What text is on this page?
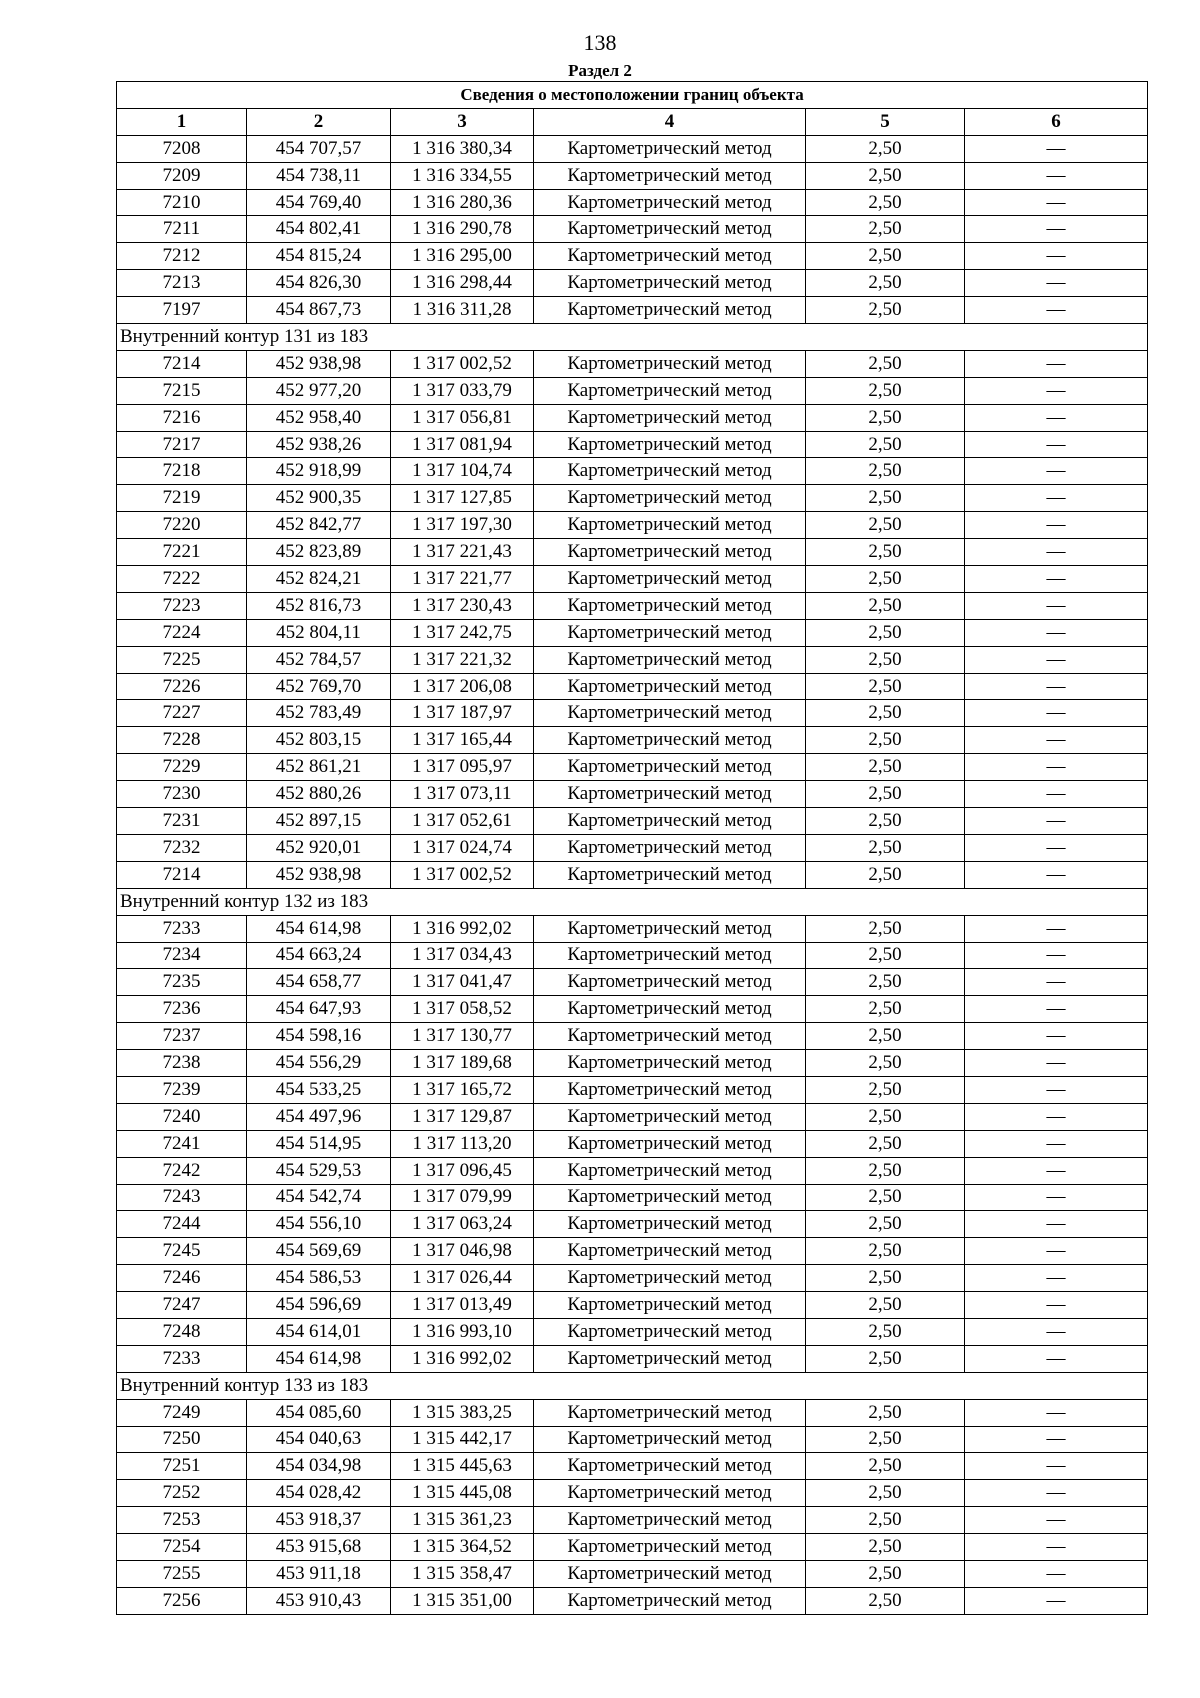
138
Раздел 2
Сведения о местоположении границ объекта					
1	2	3	4	5	6
7208	454 707,57	1 316 380,34	Картометрический метод	2,50	—
7209	454 738,11	1 316 334,55	Картометрический метод	2,50	—
7210	454 769,40	1 316 280,36	Картометрический метод	2,50	—
7211	454 802,41	1 316 290,78	Картометрический метод	2,50	—
7212	454 815,24	1 316 295,00	Картометрический метод	2,50	—
7213	454 826,30	1 316 298,44	Картометрический метод	2,50	—
7197	454 867,73	1 316 311,28	Картометрический метод	2,50	—
Внутренний контур 131 из 183					
7214	452 938,98	1 317 002,52	Картометрический метод	2,50	—
7215	452 977,20	1 317 033,79	Картометрический метод	2,50	—
7216	452 958,40	1 317 056,81	Картометрический метод	2,50	—
7217	452 938,26	1 317 081,94	Картометрический метод	2,50	—
7218	452 918,99	1 317 104,74	Картометрический метод	2,50	—
7219	452 900,35	1 317 127,85	Картометрический метод	2,50	—
7220	452 842,77	1 317 197,30	Картометрический метод	2,50	—
7221	452 823,89	1 317 221,43	Картометрический метод	2,50	—
7222	452 824,21	1 317 221,77	Картометрический метод	2,50	—
7223	452 816,73	1 317 230,43	Картометрический метод	2,50	—
7224	452 804,11	1 317 242,75	Картометрический метод	2,50	—
7225	452 784,57	1 317 221,32	Картометрический метод	2,50	—
7226	452 769,70	1 317 206,08	Картометрический метод	2,50	—
7227	452 783,49	1 317 187,97	Картометрический метод	2,50	—
7228	452 803,15	1 317 165,44	Картометрический метод	2,50	—
7229	452 861,21	1 317 095,97	Картометрический метод	2,50	—
7230	452 880,26	1 317 073,11	Картометрический метод	2,50	—
7231	452 897,15	1 317 052,61	Картометрический метод	2,50	—
7232	452 920,01	1 317 024,74	Картометрический метод	2,50	—
7214	452 938,98	1 317 002,52	Картометрический метод	2,50	—
Внутренний контур 132 из 183					
7233	454 614,98	1 316 992,02	Картометрический метод	2,50	—
7234	454 663,24	1 317 034,43	Картометрический метод	2,50	—
7235	454 658,77	1 317 041,47	Картометрический метод	2,50	—
7236	454 647,93	1 317 058,52	Картометрический метод	2,50	—
7237	454 598,16	1 317 130,77	Картометрический метод	2,50	—
7238	454 556,29	1 317 189,68	Картометрический метод	2,50	—
7239	454 533,25	1 317 165,72	Картометрический метод	2,50	—
7240	454 497,96	1 317 129,87	Картометрический метод	2,50	—
7241	454 514,95	1 317 113,20	Картометрический метод	2,50	—
7242	454 529,53	1 317 096,45	Картометрический метод	2,50	—
7243	454 542,74	1 317 079,99	Картометрический метод	2,50	—
7244	454 556,10	1 317 063,24	Картометрический метод	2,50	—
7245	454 569,69	1 317 046,98	Картометрический метод	2,50	—
7246	454 586,53	1 317 026,44	Картометрический метод	2,50	—
7247	454 596,69	1 317 013,49	Картометрический метод	2,50	—
7248	454 614,01	1 316 993,10	Картометрический метод	2,50	—
7233	454 614,98	1 316 992,02	Картометрический метод	2,50	—
Внутренний контур 133 из 183					
7249	454 085,60	1 315 383,25	Картометрический метод	2,50	—
7250	454 040,63	1 315 442,17	Картометрический метод	2,50	—
7251	454 034,98	1 315 445,63	Картометрический метод	2,50	—
7252	454 028,42	1 315 445,08	Картометрический метод	2,50	—
7253	453 918,37	1 315 361,23	Картометрический метод	2,50	—
7254	453 915,68	1 315 364,52	Картометрический метод	2,50	—
7255	453 911,18	1 315 358,47	Картометрический метод	2,50	—
7256	453 910,43	1 315 351,00	Картометрический метод	2,50	—
